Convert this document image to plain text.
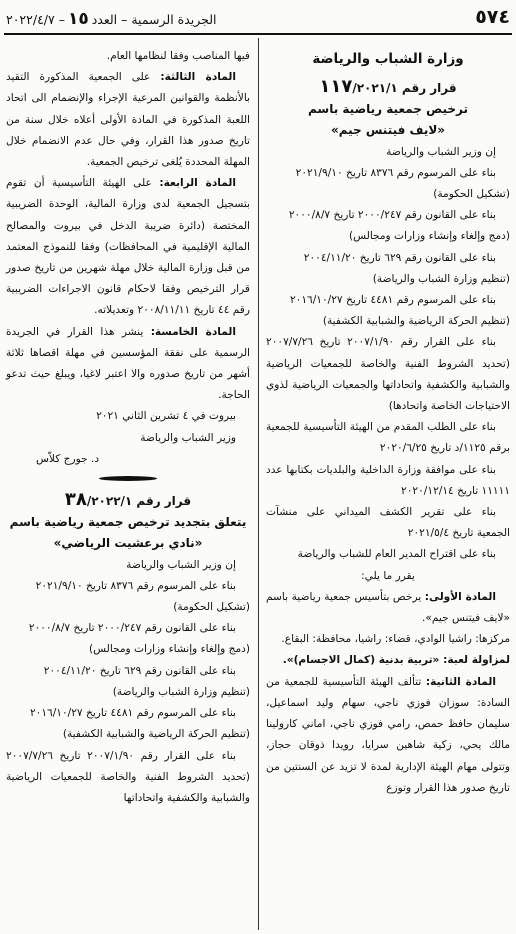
٥٧٤
الجريدة الرسمية – العدد١٥– ٢٠٢٢/٤/٧

وزارة الشباب والرياضة

قرار رقم ١١٧/٢٠٢١/١

ترخيص جمعية رياضية باسم

«لايف فيتنس جيم»

إن وزير الشباب والرياضة

بناء على المرسوم رقم ٨٣٧٦ تاريخ ٢٠٢١/٩/١٠

(تشكيل الحكومة)

بناء على القانون رقم ٢٠٠٠/٢٤٧ تاريخ ٢٠٠٠/٨/٧

(دمج وإلغاء وإنشاء وزارات ومجالس)

بناء على القانون رقم ٦٢٩ تاريخ ٢٠٠٤/١١/٢٠

(تنظيم وزارة الشباب والرياضة)

بناء على المرسوم رقم ٤٤٨١ تاريخ ٢٠١٦/١٠/٢٧

(تنظيم الحركة الرياضية والشبابية الكشفية)

بناء على القرار رقم ٢٠٠٧/١/٩٠ تاريخ ٢٠٠٧/٧/٢٦ (تحديد الشروط الفنية والخاصة للجمعيات الرياضية والشبابية والكشفية واتحاداتها والجمعيات الرياضية لذوي الاحتياجات الخاصة واتحادها)

بناء على الطلب المقدم من الهيئة التأسيسية للجمعية برقم ١١٢٥/د تاريخ ٢٠٢٠/٦/٢٥

بناء على موافقة وزارة الداخلية والبلديات بكتابها عدد ١١١١١ تاريخ ٢٠٢٠/١٢/١٤

بناء على تقرير الكشف الميداني على منشآت الجمعية تاريخ ٢٠٢١/٥/٤

بناء على اقتراح المدير العام للشباب والرياضة

يقرر ما يلي:

المادة الأولى: يرخص بتأسيس جمعية رياضية باسم «لايف فيتنس جيم».

مركزها: راشيا الوادي، قضاء: راشيا، محافظة: البقاع.

لمزاولة لعبة: «تربية بدنية (كمال الاجسام)».

المادة الثانية: تتألف الهيئة التأسيسية للجمعية من السادة: سوزان فوزي ناجي، سهام وليد اسماعيل، سليمان حافظ حمص، رامي فوزي ناجي، اماني كارولينا مالك يحي، زكية شاهين سرايا، رويدا ذوقان حجاز، وتتولى مهام الهيئة الإدارية لمدة لا تزيد عن السنتين من تاريخ صدور هذا القرار وتوزع

فيها المناصب وفقا لنظامها العام.

المادة الثالثة: على الجمعية المذكورة التقيد بالأنظمة والقوانين المرعية الإجراء والإنضمام الى اتحاد اللعبة المذكورة في المادة الأولى أعلاه خلال سنة من تاريخ صدور هذا القرار، وفي حال عدم الانضمام خلال المهلة المحددة يُلغى ترخيص الجمعية.

المادة الرابعة: على الهيئة التأسيسية أن تقوم بتسجيل الجمعية لدى وزارة المالية، الوحدة الضريبية المختصة (دائرة ضريبة الدخل في بيروت والمصالح المالية الإقليمية في المحافظات) وفقا للنموذج المعتمد من قبل وزارة المالية خلال مهلة شهرين من تاريخ صدور قرار الترخيص وفقا لاحكام قانون الاجراءات الضريبية رقم ٤٤ تاريخ ٢٠٠٨/١١/١١ وتعديلاته.

المادة الخامسة: ينشر هذا القرار في الجريدة الرسمية على نفقة المؤسسين في مهلة اقصاها ثلاثة أشهر من تاريخ صدوره والا اعتبر لاغيا، ويبلغ حيث تدعو الحاجة.

بيروت في ٤ تشرين الثاني ٢٠٢١

وزير الشباب والرياضة

د. جورج كلاّس

قرار رقم ٣٨/٢٠٢٢/١

يتعلق بتجديد ترخيص جمعية رياضية باسم

«نادي برعشيت الرياضي»

إن وزير الشباب والرياضة

بناء على المرسوم رقم ٨٣٧٦ تاريخ ٢٠٢١/٩/١٠

(تشكيل الحكومة)

بناء على القانون رقم ٢٠٠٠/٢٤٧ تاريخ ٢٠٠٠/٨/٧

(دمج وإلغاء وإنشاء وزارات ومجالس)

بناء على القانون رقم ٦٢٩ تاريخ ٢٠٠٤/١١/٢٠

(تنظيم وزارة الشباب والرياضة)

بناء على المرسوم رقم ٤٤٨١ تاريخ ٢٠١٦/١٠/٢٧

(تنظيم الحركة الرياضية والشبابية الكشفية)

بناء على القرار رقم ٢٠٠٧/١/٩٠ تاريخ ٢٠٠٧/٧/٢٦ (تحديد الشروط الفنية والخاصة للجمعيات الرياضية والشبابية والكشفية واتحاداتها
